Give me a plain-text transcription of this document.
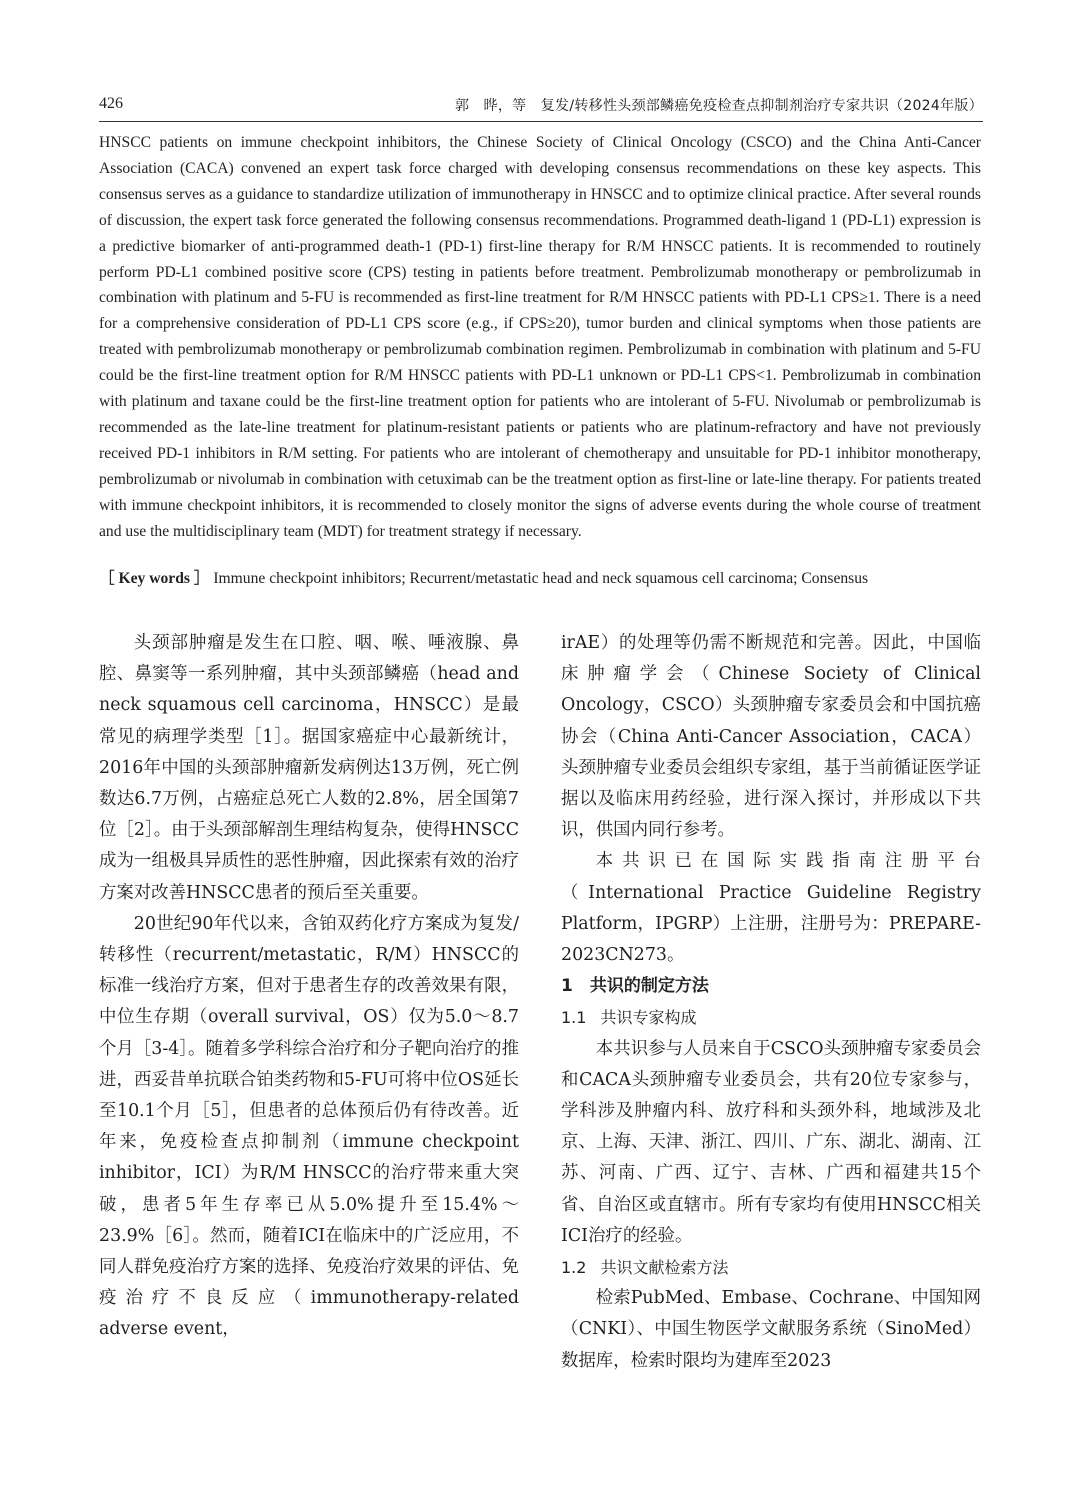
426	郭　晔，等　复发/转移性头颈部鳞癌免疫检查点抑制剂治疗专家共识（2024年版）

HNSCC patients on immune checkpoint inhibitors, the Chinese Society of Clinical Oncology (CSCO) and the China Anti-Cancer Association (CACA) convened an expert task force charged with developing consensus recommendations on these key aspects. This consensus serves as a guidance to standardize utilization of immunotherapy in HNSCC and to optimize clinical practice. After several rounds of discussion, the expert task force generated the following consensus recommendations. Programmed death-ligand 1 (PD-L1) expression is a predictive biomarker of anti-programmed death-1 (PD-1) first-line therapy for R/M HNSCC patients. It is recommended to routinely perform PD-L1 combined positive score (CPS) testing in patients before treatment. Pembrolizumab monotherapy or pembrolizumab in combination with platinum and 5-FU is recommended as first-line treatment for R/M HNSCC patients with PD-L1 CPS≥1. There is a need for a comprehensive consideration of PD-L1 CPS score (e.g., if CPS≥20), tumor burden and clinical symptoms when those patients are treated with pembrolizumab monotherapy or pembrolizumab combination regimen. Pembrolizumab in combination with platinum and 5-FU could be the first-line treatment option for R/M HNSCC patients with PD-L1 unknown or PD-L1 CPS<1. Pembrolizumab in combination with platinum and taxane could be the first-line treatment option for patients who are intolerant of 5-FU. Nivolumab or pembrolizumab is recommended as the late-line treatment for platinum-resistant patients or patients who are platinum-refractory and have not previously received PD-1 inhibitors in R/M setting. For patients who are intolerant of chemotherapy and unsuitable for PD-1 inhibitor monotherapy, pembrolizumab or nivolumab in combination with cetuximab can be the treatment option as first-line or late-line therapy. For patients treated with immune checkpoint inhibitors, it is recommended to closely monitor the signs of adverse events during the whole course of treatment and use the multidisciplinary team (MDT) for treatment strategy if necessary.

［ Key words ］ Immune checkpoint inhibitors; Recurrent/metastatic head and neck squamous cell carcinoma; Consensus

头颈部肿瘤是发生在口腔、咽、喉、唾液腺、鼻腔、鼻窦等一系列肿瘤，其中头颈部鳞癌（head and neck squamous cell carcinoma，HNSCC）是最常见的病理学类型［1］。据国家癌症中心最新统计，2016年中国的头颈部肿瘤新发病例达13万例，死亡例数达6.7万例，占癌症总死亡人数的2.8%，居全国第7位［2］。由于头颈部解剖生理结构复杂，使得HNSCC成为一组极具异质性的恶性肿瘤，因此探索有效的治疗方案对改善HNSCC患者的预后至关重要。

20世纪90年代以来，含铂双药化疗方案成为复发/转移性（recurrent/metastatic，R/M）HNSCC的标准一线治疗方案，但对于患者生存的改善效果有限，中位生存期（overall survival，OS）仅为5.0～8.7个月［3-4］。随着多学科综合治疗和分子靶向治疗的推进，西妥昔单抗联合铂类药物和5-FU可将中位OS延长至10.1个月［5］，但患者的总体预后仍有待改善。近年来，免疫检查点抑制剂（immune checkpoint inhibitor，ICI）为R/M HNSCC的治疗带来重大突破，患者5年生存率已从5.0%提升至15.4%～23.9%［6］。然而，随着ICI在临床中的广泛应用，不同人群免疫治疗方案的选择、免疫治疗效果的评估、免疫治疗不良反应（immunotherapy-related adverse event，

irAE）的处理等仍需不断规范和完善。因此，中国临床肿瘤学会（Chinese Society of Clinical Oncology，CSCO）头颈肿瘤专家委员会和中国抗癌协会（China Anti-Cancer Association，CACA）头颈肿瘤专业委员会组织专家组，基于当前循证医学证据以及临床用药经验，进行深入探讨，并形成以下共识，供国内同行参考。

本共识已在国际实践指南注册平台（International Practice Guideline Registry Platform，IPGRP）上注册，注册号为：PREPARE-2023CN273。

1　共识的制定方法
1.1 共识专家构成

本共识参与人员来自于CSCO头颈肿瘤专家委员会和CACA头颈肿瘤专业委员会，共有20位专家参与，学科涉及肿瘤内科、放疗科和头颈外科，地域涉及北京、上海、天津、浙江、四川、广东、湖北、湖南、江苏、河南、广西、辽宁、吉林、广西和福建共15个省、自治区或直辖市。所有专家均有使用HNSCC相关ICI治疗的经验。

1.2 共识文献检索方法

检索PubMed、Embase、Cochrane、中国知网（CNKI）、中国生物医学文献服务系统（SinoMed）数据库，检索时限均为建库至2023
